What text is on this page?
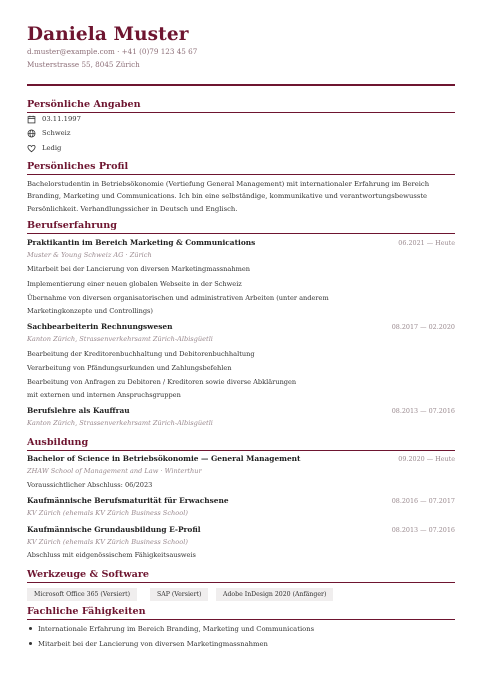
Daniela Muster
d.muster@example.com · +41 (0)79 123 45 67
Musterstrasse 55, 8045 Zürich
Persönliche Angaben
03.11.1997
Schweiz
Ledig
Persönliches Profil
Bachelorstudentin in Betriebsökonomie (Vertiefung General Management) mit internationaler Erfahrung im Bereich Branding, Marketing und Communications. Ich bin eine selbständige, kommunikative und verantwortungsbewusste Persönlichkeit. Verhandlungssicher in Deutsch und Englisch.
Berufserfahrung
Praktikantin im Bereich Marketing & Communications	06.2021 — Heute
Muster & Young Schweiz AG · Zürich
Mitarbeit bei der Lancierung von diversen Marketingmassnahmen
Implementierung einer neuen globalen Webseite in der Schweiz
Übernahme von diversen organisatorischen und administrativen Arbeiten (unter anderem
Marketingkonzepte und Controllings)
Sachbearbeiterin Rechnungswesen	08.2017 — 02.2020
Kanton Zürich, Strassenverkehrsamt Zürich-Albisgüetli
Bearbeitung der Kreditorenbuchhaltung und Debitorenbuchhaltung
Verarbeitung von Pfändungsurkunden und Zahlungsbefehlen
Bearbeitung von Anfragen zu Debitoren / Kreditoren sowie diverse Abklärungen
mit externen und internen Anspruchsgruppen
Berufslehre als Kauffrau	08.2013 — 07.2016
Kanton Zürich, Strassenverkehrsamt Zürich-Albisgüetli
Ausbildung
Bachelor of Science in Betriebsökonomie — General Management	09.2020 — Heute
ZHAW School of Management and Law · Winterthur
Voraussichtlicher Abschluss: 06/2023
Kaufmännische Berufsmaturität für Erwachsene	08.2016 — 07.2017
KV Zürich (ehemals KV Zürich Business School)
Kaufmännische Grundausbildung E-Profil	08.2013 — 07.2016
KV Zürich (ehemals KV Zürich Business School)
Abschluss mit eidgenössischem Fähigkeitsausweis
Werkzeuge & Software
Microsoft Office 365 (Versiert)	SAP (Versiert)	Adobe InDesign 2020 (Anfänger)
Fachliche Fähigkeiten
Internationale Erfahrung im Bereich Branding, Marketing und Communications
Mitarbeit bei der Lancierung von diversen Marketingmassnahmen
